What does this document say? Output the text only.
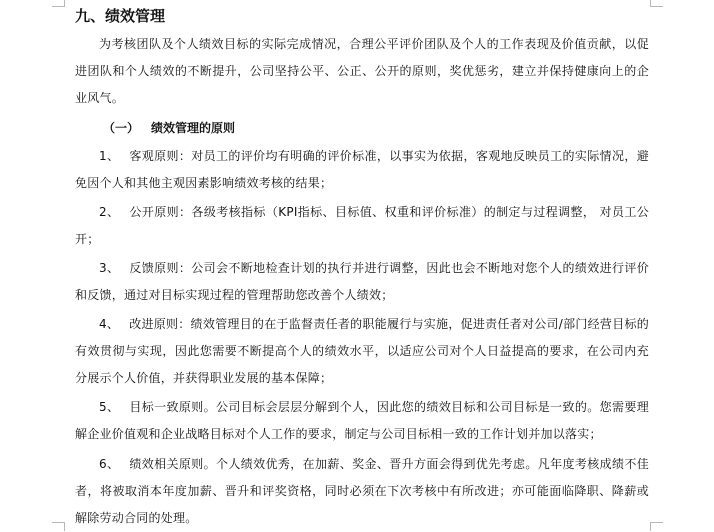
九、绩效管理
为考核团队及个人绩效目标的实际完成情况，合理公平评价团队及个人的工作表现及价值贡献，以促进团队和个人绩效的不断提升，公司坚持公平、公正、公开的原则，奖优惩劣，建立并保持健康向上的企业风气。
（一） 绩效管理的原则
1、 客观原则：对员工的评价均有明确的评价标准，以事实为依据，客观地反映员工的实际情况，避免因个人和其他主观因素影响绩效考核的结果；
2、 公开原则：各级考核指标（KPI指标、目标值、权重和评价标准）的制定与过程调整， 对员工公开；
3、 反馈原则：公司会不断地检查计划的执行并进行调整，因此也会不断地对您个人的绩效进行评价和反馈，通过对目标实现过程的管理帮助您改善个人绩效；
4、 改进原则：绩效管理目的在于监督责任者的职能履行与实施，促进责任者对公司/部门经营目标的有效贯彻与实现，因此您需要不断提高个人的绩效水平，以适应公司对个人日益提高的要求，在公司内充分展示个人价值，并获得职业发展的基本保障；
5、 目标一致原则。公司目标会层层分解到个人，因此您的绩效目标和公司目标是一致的。您需要理解企业价值观和企业战略目标对个人工作的要求，制定与公司目标相一致的工作计划并加以落实；
6、 绩效相关原则。个人绩效优秀，在加薪、奖金、晋升方面会得到优先考虑。凡年度考核成绩不佳者，将被取消本年度加薪、晋升和评奖资格，同时必须在下次考核中有所改进；亦可能面临降职、降薪或解除劳动合同的处理。
